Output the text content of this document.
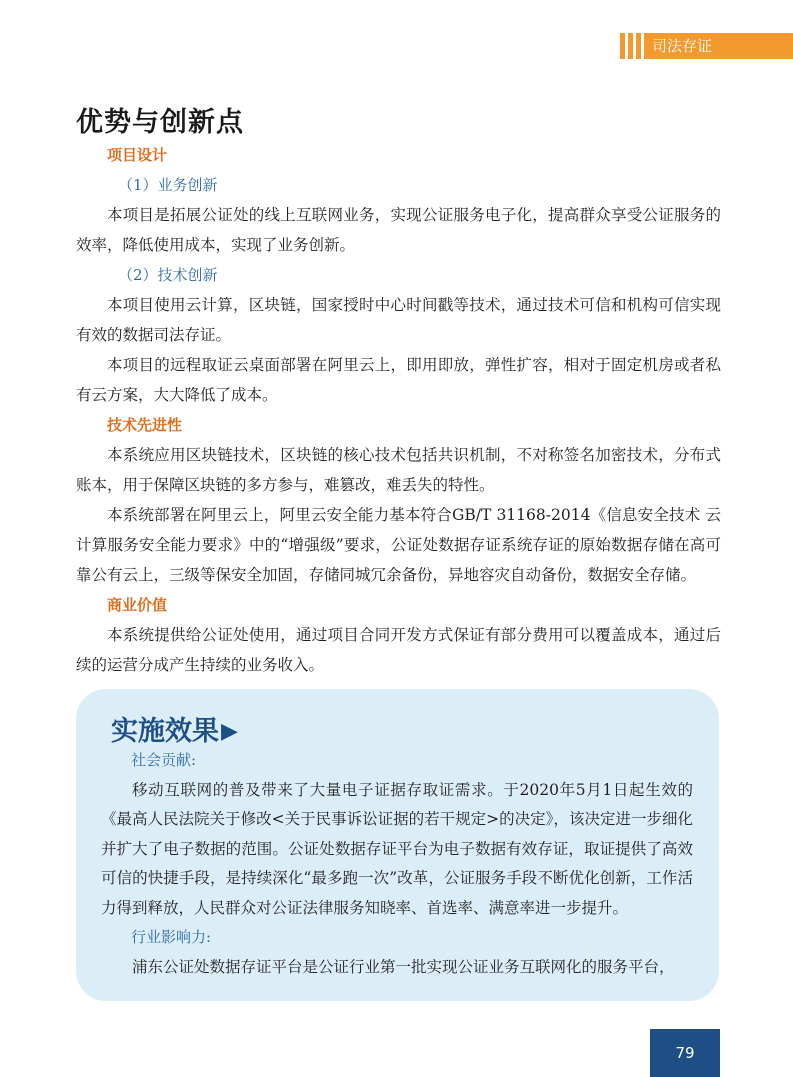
司法存证
优势与创新点

项目设计

（1）业务创新

本项目是拓展公证处的线上互联网业务，实现公证服务电子化，提高群众享受公证服务的效率，降低使用成本，实现了业务创新。

（2）技术创新

本项目使用云计算，区块链，国家授时中心时间戳等技术，通过技术可信和机构可信实现有效的数据司法存证。

本项目的远程取证云桌面部署在阿里云上，即用即放，弹性扩容，相对于固定机房或者私有云方案，大大降低了成本。

技术先进性

本系统应用区块链技术，区块链的核心技术包括共识机制，不对称签名加密技术，分布式账本，用于保障区块链的多方参与，难篡改，难丢失的特性。

本系统部署在阿里云上，阿里云安全能力基本符合GB/T 31168-2014《信息安全技术 云计算服务安全能力要求》中的“增强级”要求，公证处数据存证系统存证的原始数据存储在高可靠公有云上，三级等保安全加固，存储同城冗余备份，异地容灾自动备份，数据安全存储。

商业价值

本系统提供给公证处使用，通过项目合同开发方式保证有部分费用可以覆盖成本，通过后续的运营分成产生持续的业务收入。

实施效果▶

社会贡献:

移动互联网的普及带来了大量电子证据存取证需求。于2020年5月1日起生效的《最高人民法院关于修改<关于民事诉讼证据的若干规定>的决定》，该决定进一步细化并扩大了电子数据的范围。公证处数据存证平台为电子数据有效存证，取证提供了高效可信的快捷手段，是持续深化“最多跑一次”改革，公证服务手段不断优化创新，工作活力得到释放，人民群众对公证法律服务知晓率、首选率、满意率进一步提升。

行业影响力:

浦东公证处数据存证平台是公证行业第一批实现公证业务互联网化的服务平台，

79
